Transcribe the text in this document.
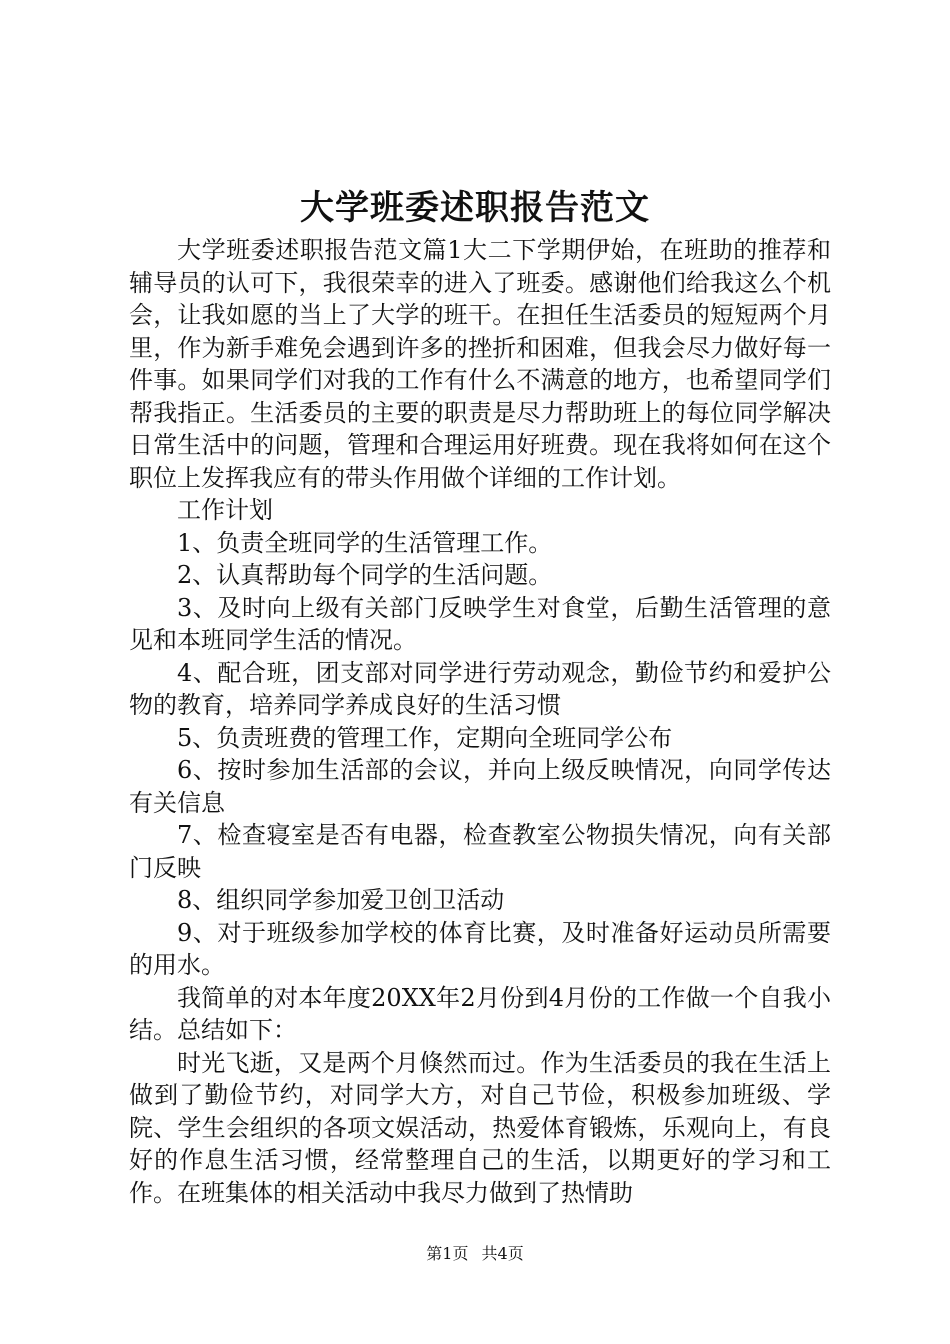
大学班委述职报告范文

大学班委述职报告范文篇1大二下学期伊始，在班助的推荐和辅导员的认可下，我很荣幸的进入了班委。感谢他们给我这么个机会，让我如愿的当上了大学的班干。在担任生活委员的短短两个月里，作为新手难免会遇到许多的挫折和困难，但我会尽力做好每一件事。如果同学们对我的工作有什么不满意的地方，也希望同学们帮我指正。生活委员的主要的职责是尽力帮助班上的每位同学解决日常生活中的问题，管理和合理运用好班费。现在我将如何在这个职位上发挥我应有的带头作用做个详细的工作计划。

工作计划

1、负责全班同学的生活管理工作。

2、认真帮助每个同学的生活问题。

3、及时向上级有关部门反映学生对食堂，后勤生活管理的意见和本班同学生活的情况。

4、配合班，团支部对同学进行劳动观念，勤俭节约和爱护公物的教育，培养同学养成良好的生活习惯

5、负责班费的管理工作，定期向全班同学公布

6、按时参加生活部的会议，并向上级反映情况，向同学传达有关信息

7、检查寝室是否有电器，检查教室公物损失情况，向有关部门反映

8、组织同学参加爱卫创卫活动

9、对于班级参加学校的体育比赛，及时准备好运动员所需要的用水。

我简单的对本年度20XX年2月份到4月份的工作做一个自我小结。总结如下：

时光飞逝，又是两个月倏然而过。作为生活委员的我在生活上做到了勤俭节约，对同学大方，对自己节俭，积极参加班级、学院、学生会组织的各项文娱活动，热爱体育锻炼，乐观向上，有良好的作息生活习惯，经常整理自己的生活，以期更好的学习和工作。在班集体的相关活动中我尽力做到了热情助

第1页 共4页
